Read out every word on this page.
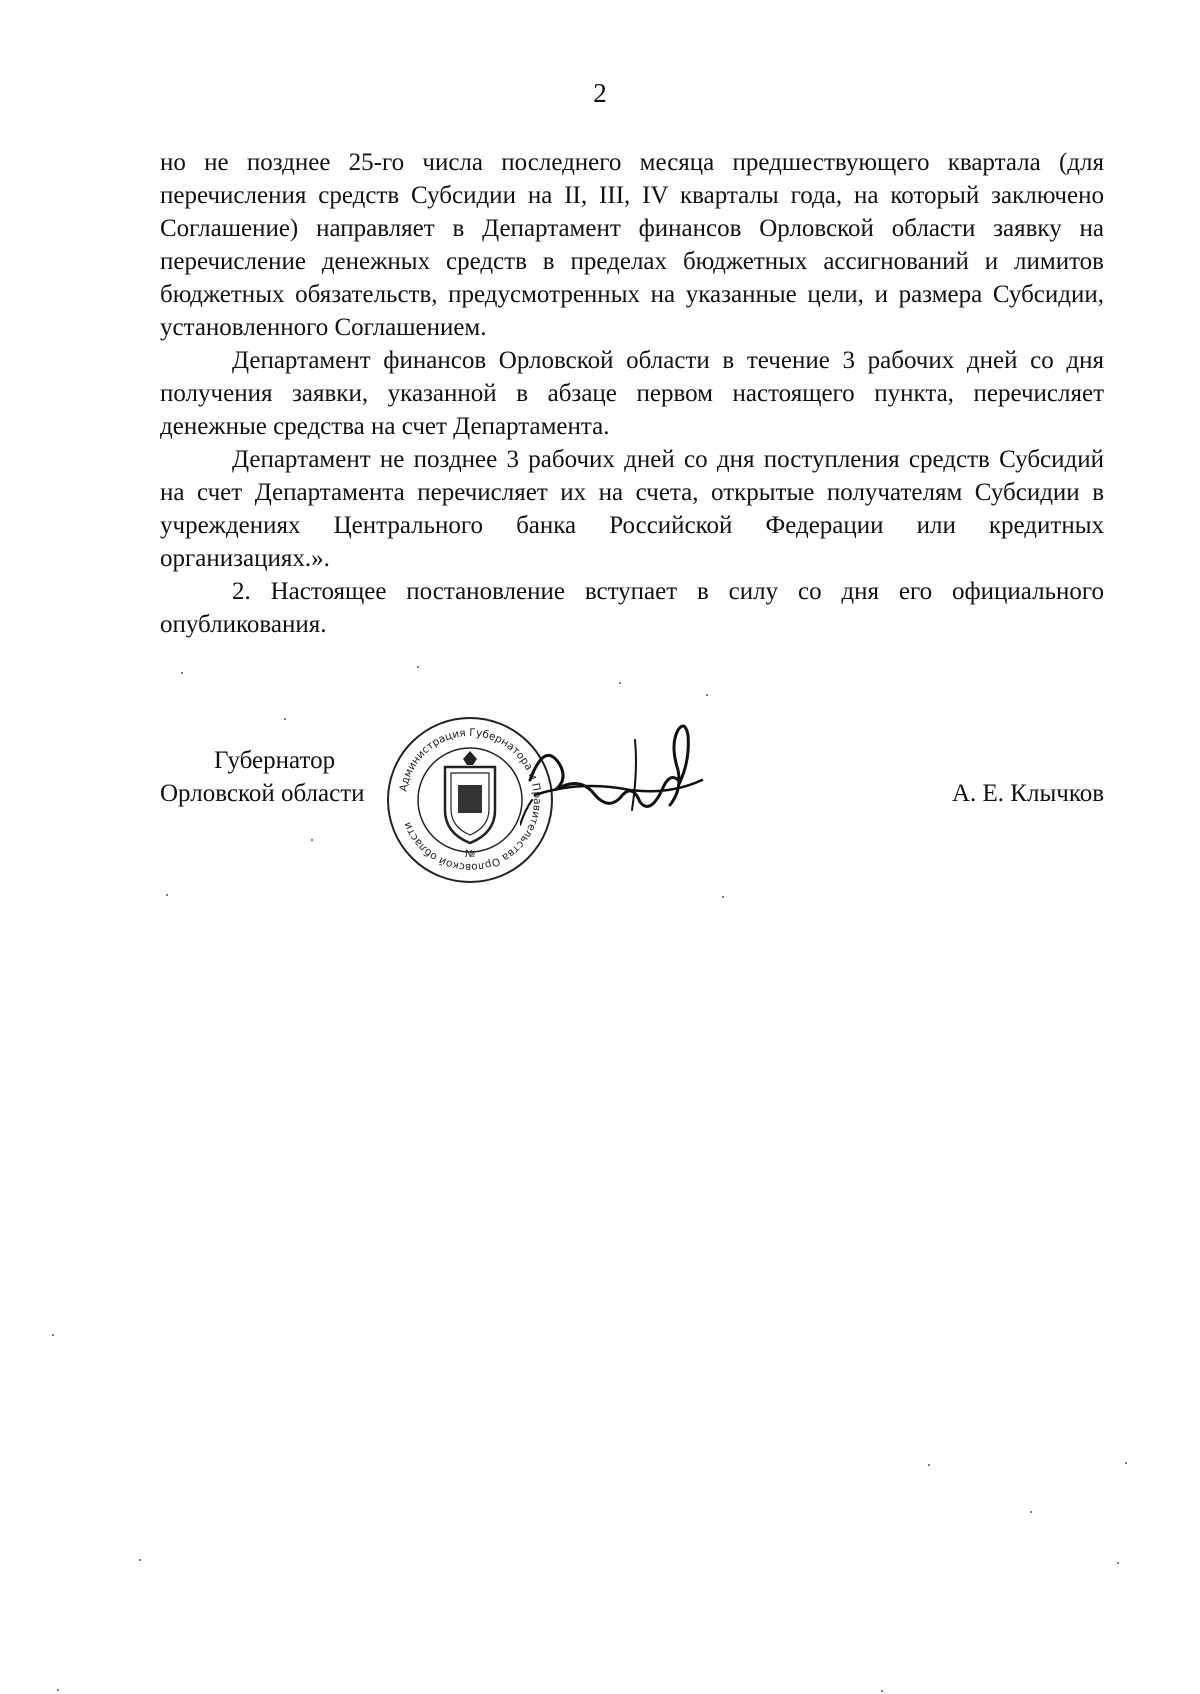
2

но не позднее 25-го числа последнего месяца предшествующего квартала (для перечисления средств Субсидии на II, III, IV кварталы года, на который заключено Соглашение) направляет в Департамент финансов Орловской области заявку на перечисление денежных средств в пределах бюджетных ассигнований и лимитов бюджетных обязательств, предусмотренных на указанные цели, и размера Субсидии, установленного Соглашением.

Департамент финансов Орловской области в течение 3 рабочих дней со дня получения заявки, указанной в абзаце первом настоящего пункта, перечисляет денежные средства на счет Департамента.

Департамент не позднее 3 рабочих дней со дня поступления средств Субсидий на счет Департамента перечисляет их на счета, открытые получателям Субсидии в учреждениях Центрального банка Российской Федерации или кредитных организациях.».

2. Настоящее постановление вступает в силу со дня его официального опубликования.

Губернатор
Орловской области	А. Е. Клычков
Администрация Губернатора и Правительства Орловской области
№
